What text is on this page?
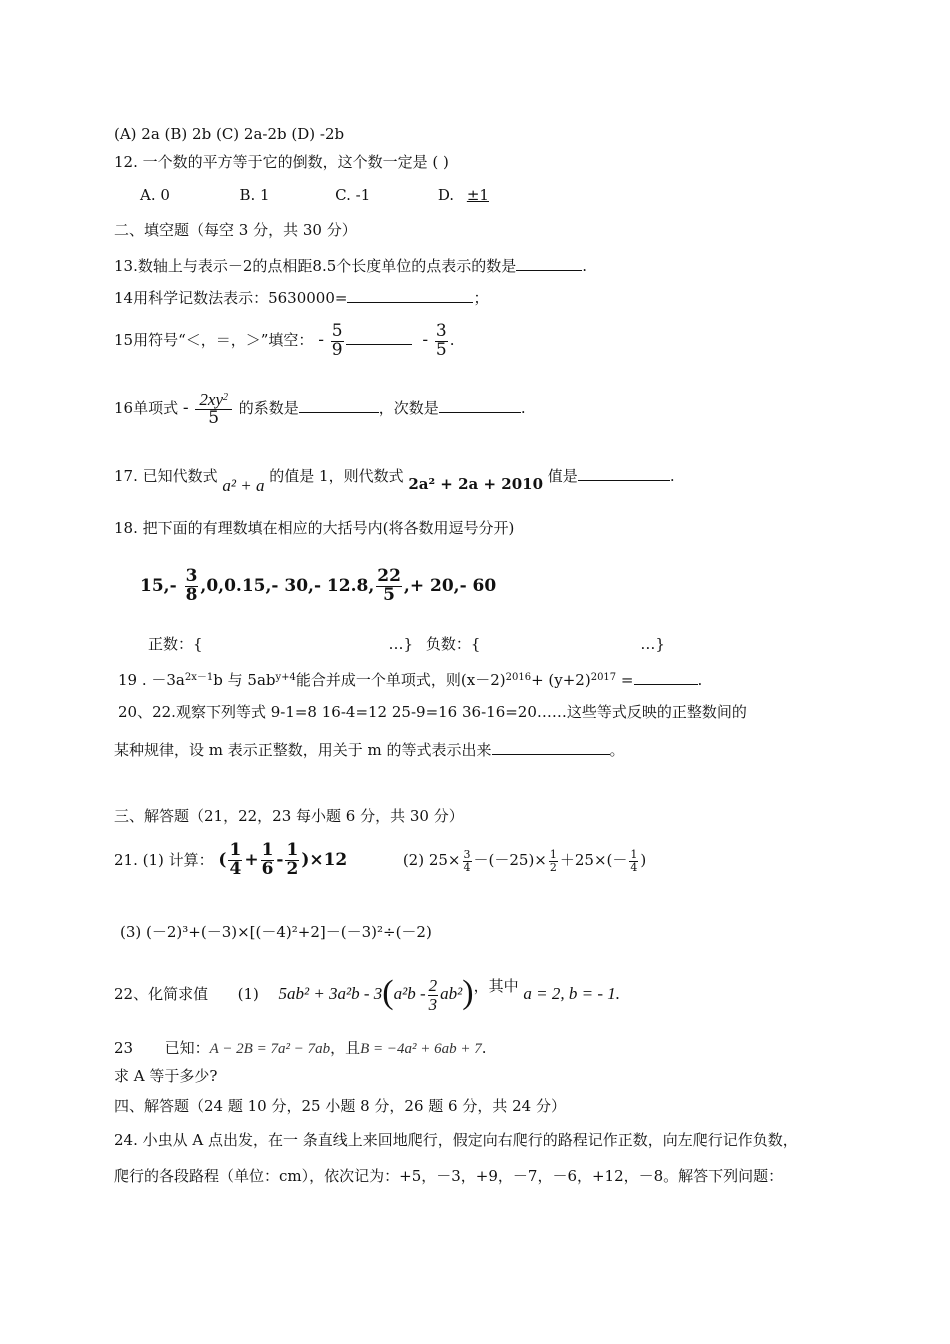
(A) 2a (B) 2b (C) 2a-2b (D) -2b
12. 一个数的平方等于它的倒数，这个数一定是 ( )
A. 0	B. 1	C. -1	D. ±1
二、填空题（每空 3 分，共 30 分）
13.数轴上与表示－2的点相距8.5个长度单位的点表示的数是	.
14用科学记数法表示：5630000=	；
15用符号“＜，＝，＞”填空： - $\frac{5}{9}$	- $\frac{3}{5}$ .
16单项式 - $\frac{2xy^2}{5}$ 的系数是	，次数是	.
17. 已知代数式 a² + a 的值是 1，则代数式 2a² + 2a + 2010 值是	.
18. 把下面的有理数填在相应的大括号内(将各数用逗号分开)
$15,- \frac{3}{8} ,0,0.15,-$ 30,- 12.8, $\frac{22}{5}$ ,+ 20,- 60
正数：{	…} 负数：{	…}
19 . $-3a^{2x-1}b$ 与 $5ab^{y+4}$能合并成一个单项式，则$(x-2)^{2016}+ (y+2)^{2017}$ =	.
20、22.观察下列等式 9-1=8 16-4=12 25-9=16 36-16=20……这些等式反映的正整数间的
某种规律，设 m 表示正整数，用关于 m 的等式表示出来	。
三、解答题（21，22，23 每小题 6 分，共 30 分）
21. (1) 计算： ( $\frac{1}{4} + \frac{1}{6} - \frac{1}{2} )\times 12$	(2) $25\times \frac{3}{4} -(-25)\times \frac{1}{2} +25\times(- \frac{1}{4}$ )
(3) (－2)³+(－3)×[(－4)²+2]－(－3)²÷(－2)
22、化简求值 (1) $5ab^2 + 3a^2b - 3(a^2b - \frac{2}{3} ab^2)$，其中 a = 2, b = - 1.
23 已知：A − 2B = 7a² − 7ab，且B = −4a² + 6ab + 7.
求 A 等于多少?
四、解答题（24 题 10 分，25 小题 8 分，26 题 6 分，共 24 分）
24. 小虫从 A 点出发，在一 条直线上来回地爬行，假定向右爬行的路程记作正数，向左爬行记作负数，
爬行的各段路程（单位：cm），依次记为：+5，－3，+9，－7，－6，+12，－8。解答下列问题：
